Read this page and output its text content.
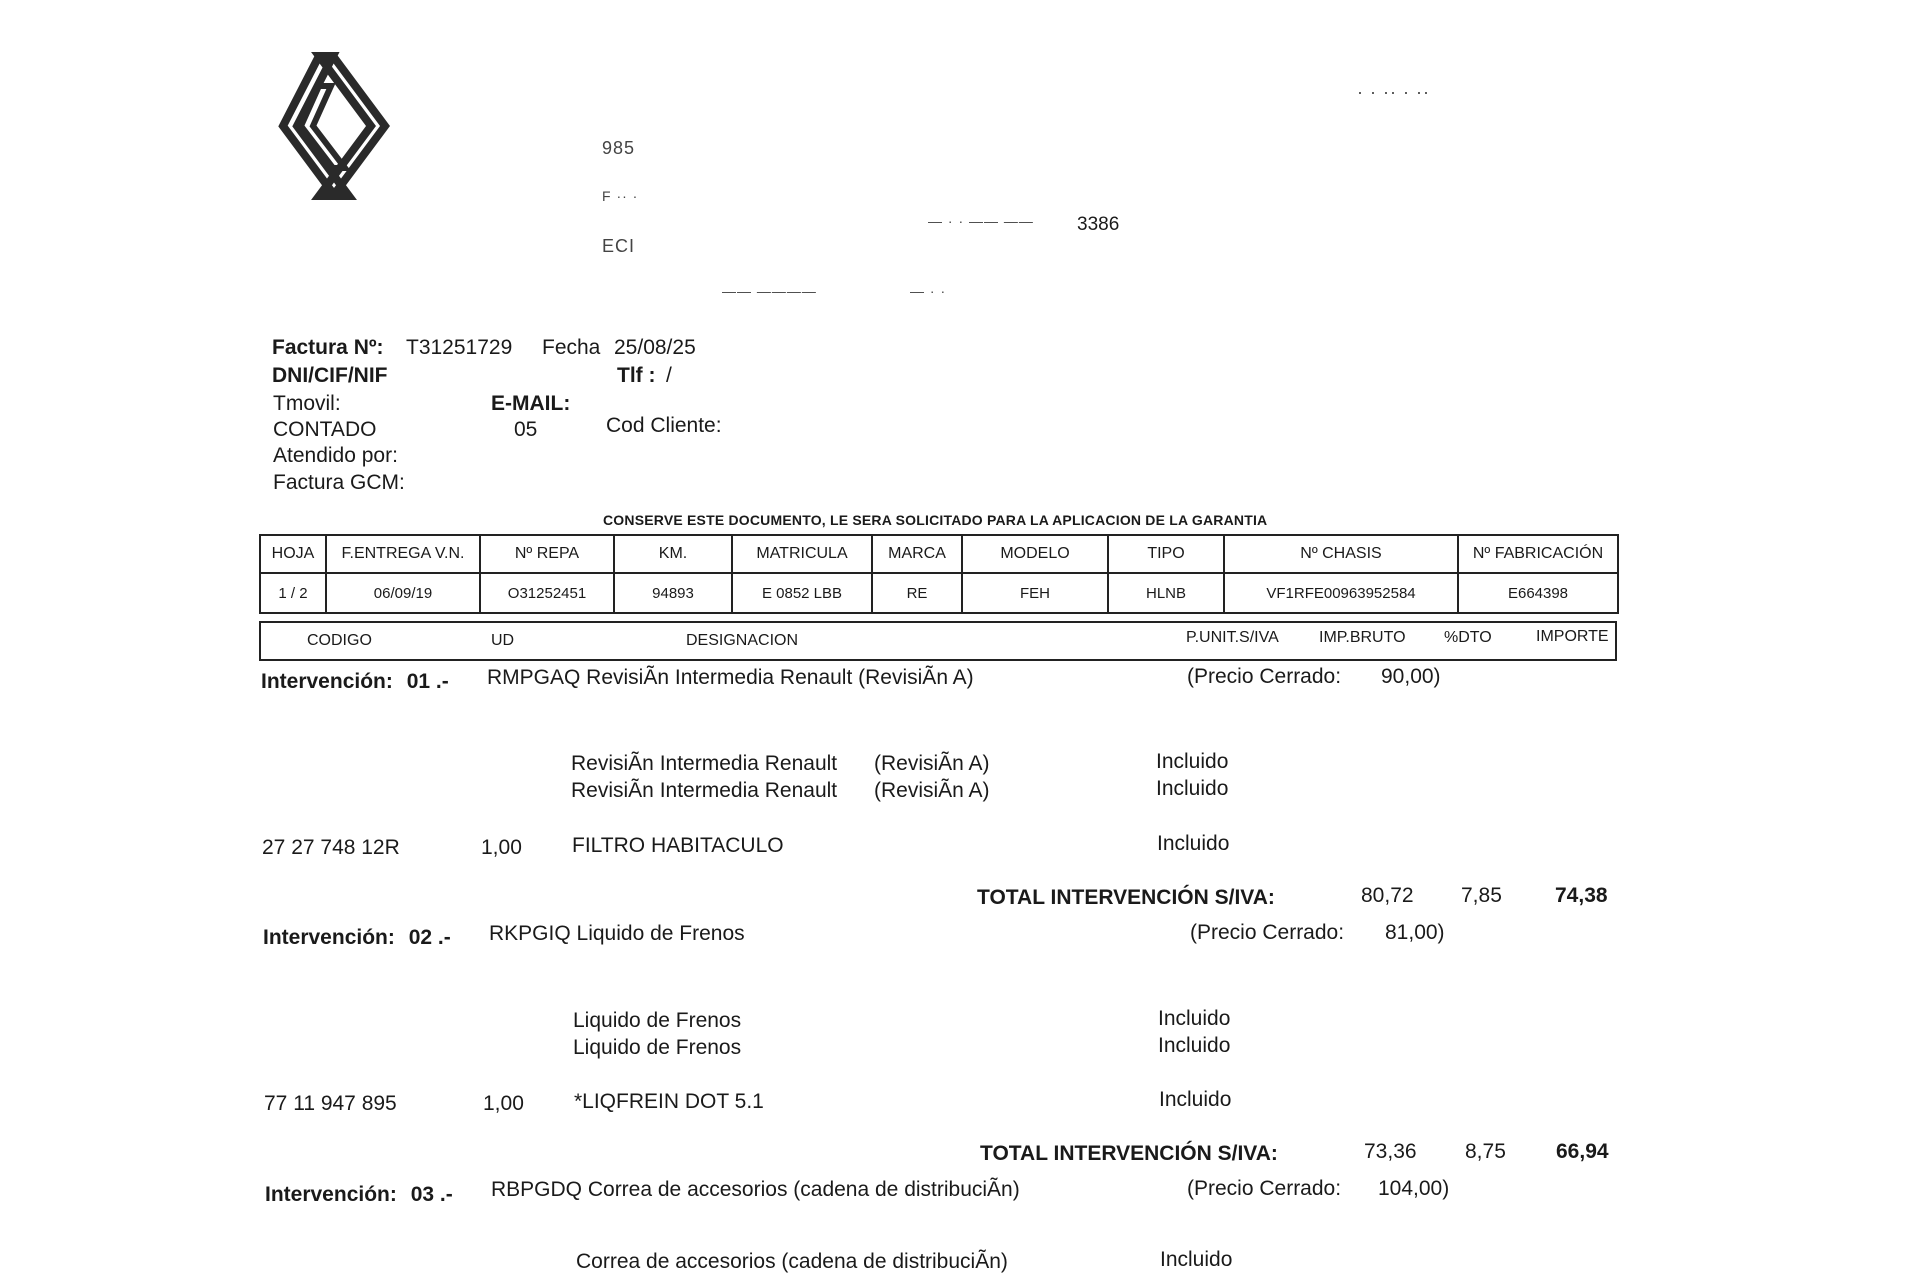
· · ·· · ··
985
F ·· ·
ECI
— · · —— —— 3386
—— ————	— · ·
Factura Nº: T31251729 Fecha 25/08/25
DNI/CIF/NIF	Tlf : /
Tmovil:	E-MAIL:
CONTADO	05	Cod Cliente:
Atendido por:
Factura GCM:
CONSERVE ESTE DOCUMENTO, LE SERA SOLICITADO PARA LA APLICACION DE LA GARANTIA
HOJA	F.ENTREGA V.N.	Nº REPA	KM.	MATRICULA	MARCA	MODELO	TIPO	Nº CHASIS	Nº FABRICACIÓN
1 / 2	06/09/19	O31252451	94893	E 0852 LBB	RE	FEH	HLNB	VF1RFE00963952584	E664398
CODIGO	UD	DESIGNACION	P.UNIT.S/IVA	IMP.BRUTO %DTO	IMPORTE
Intervención: 01 .- RMPGAQ RevisiÃn Intermedia Renault (RevisiÃn A)	(Precio Cerrado: 90,00)
RevisiÃn Intermedia Renault (RevisiÃn A)	Incluido
RevisiÃn Intermedia Renault (RevisiÃn A)	Incluido
27 27 748 12R	1,00 FILTRO HABITACULO	Incluido
TOTAL INTERVENCIÓN S/IVA:	80,72 7,85	74,38
Intervención: 02 .- RKPGIQ Liquido de Frenos	(Precio Cerrado: 81,00)
Liquido de Frenos	Incluido
Liquido de Frenos	Incluido
77 11 947 895	1,00 *LIQFREIN DOT 5.1	Incluido
TOTAL INTERVENCIÓN S/IVA:	73,36 8,75 66,94
Intervención: 03 .- RBPGDQ Correa de accesorios (cadena de distribuciÃn)	(Precio Cerrado: 104,00)
Correa de accesorios (cadena de distribuciÃn)	Incluido
